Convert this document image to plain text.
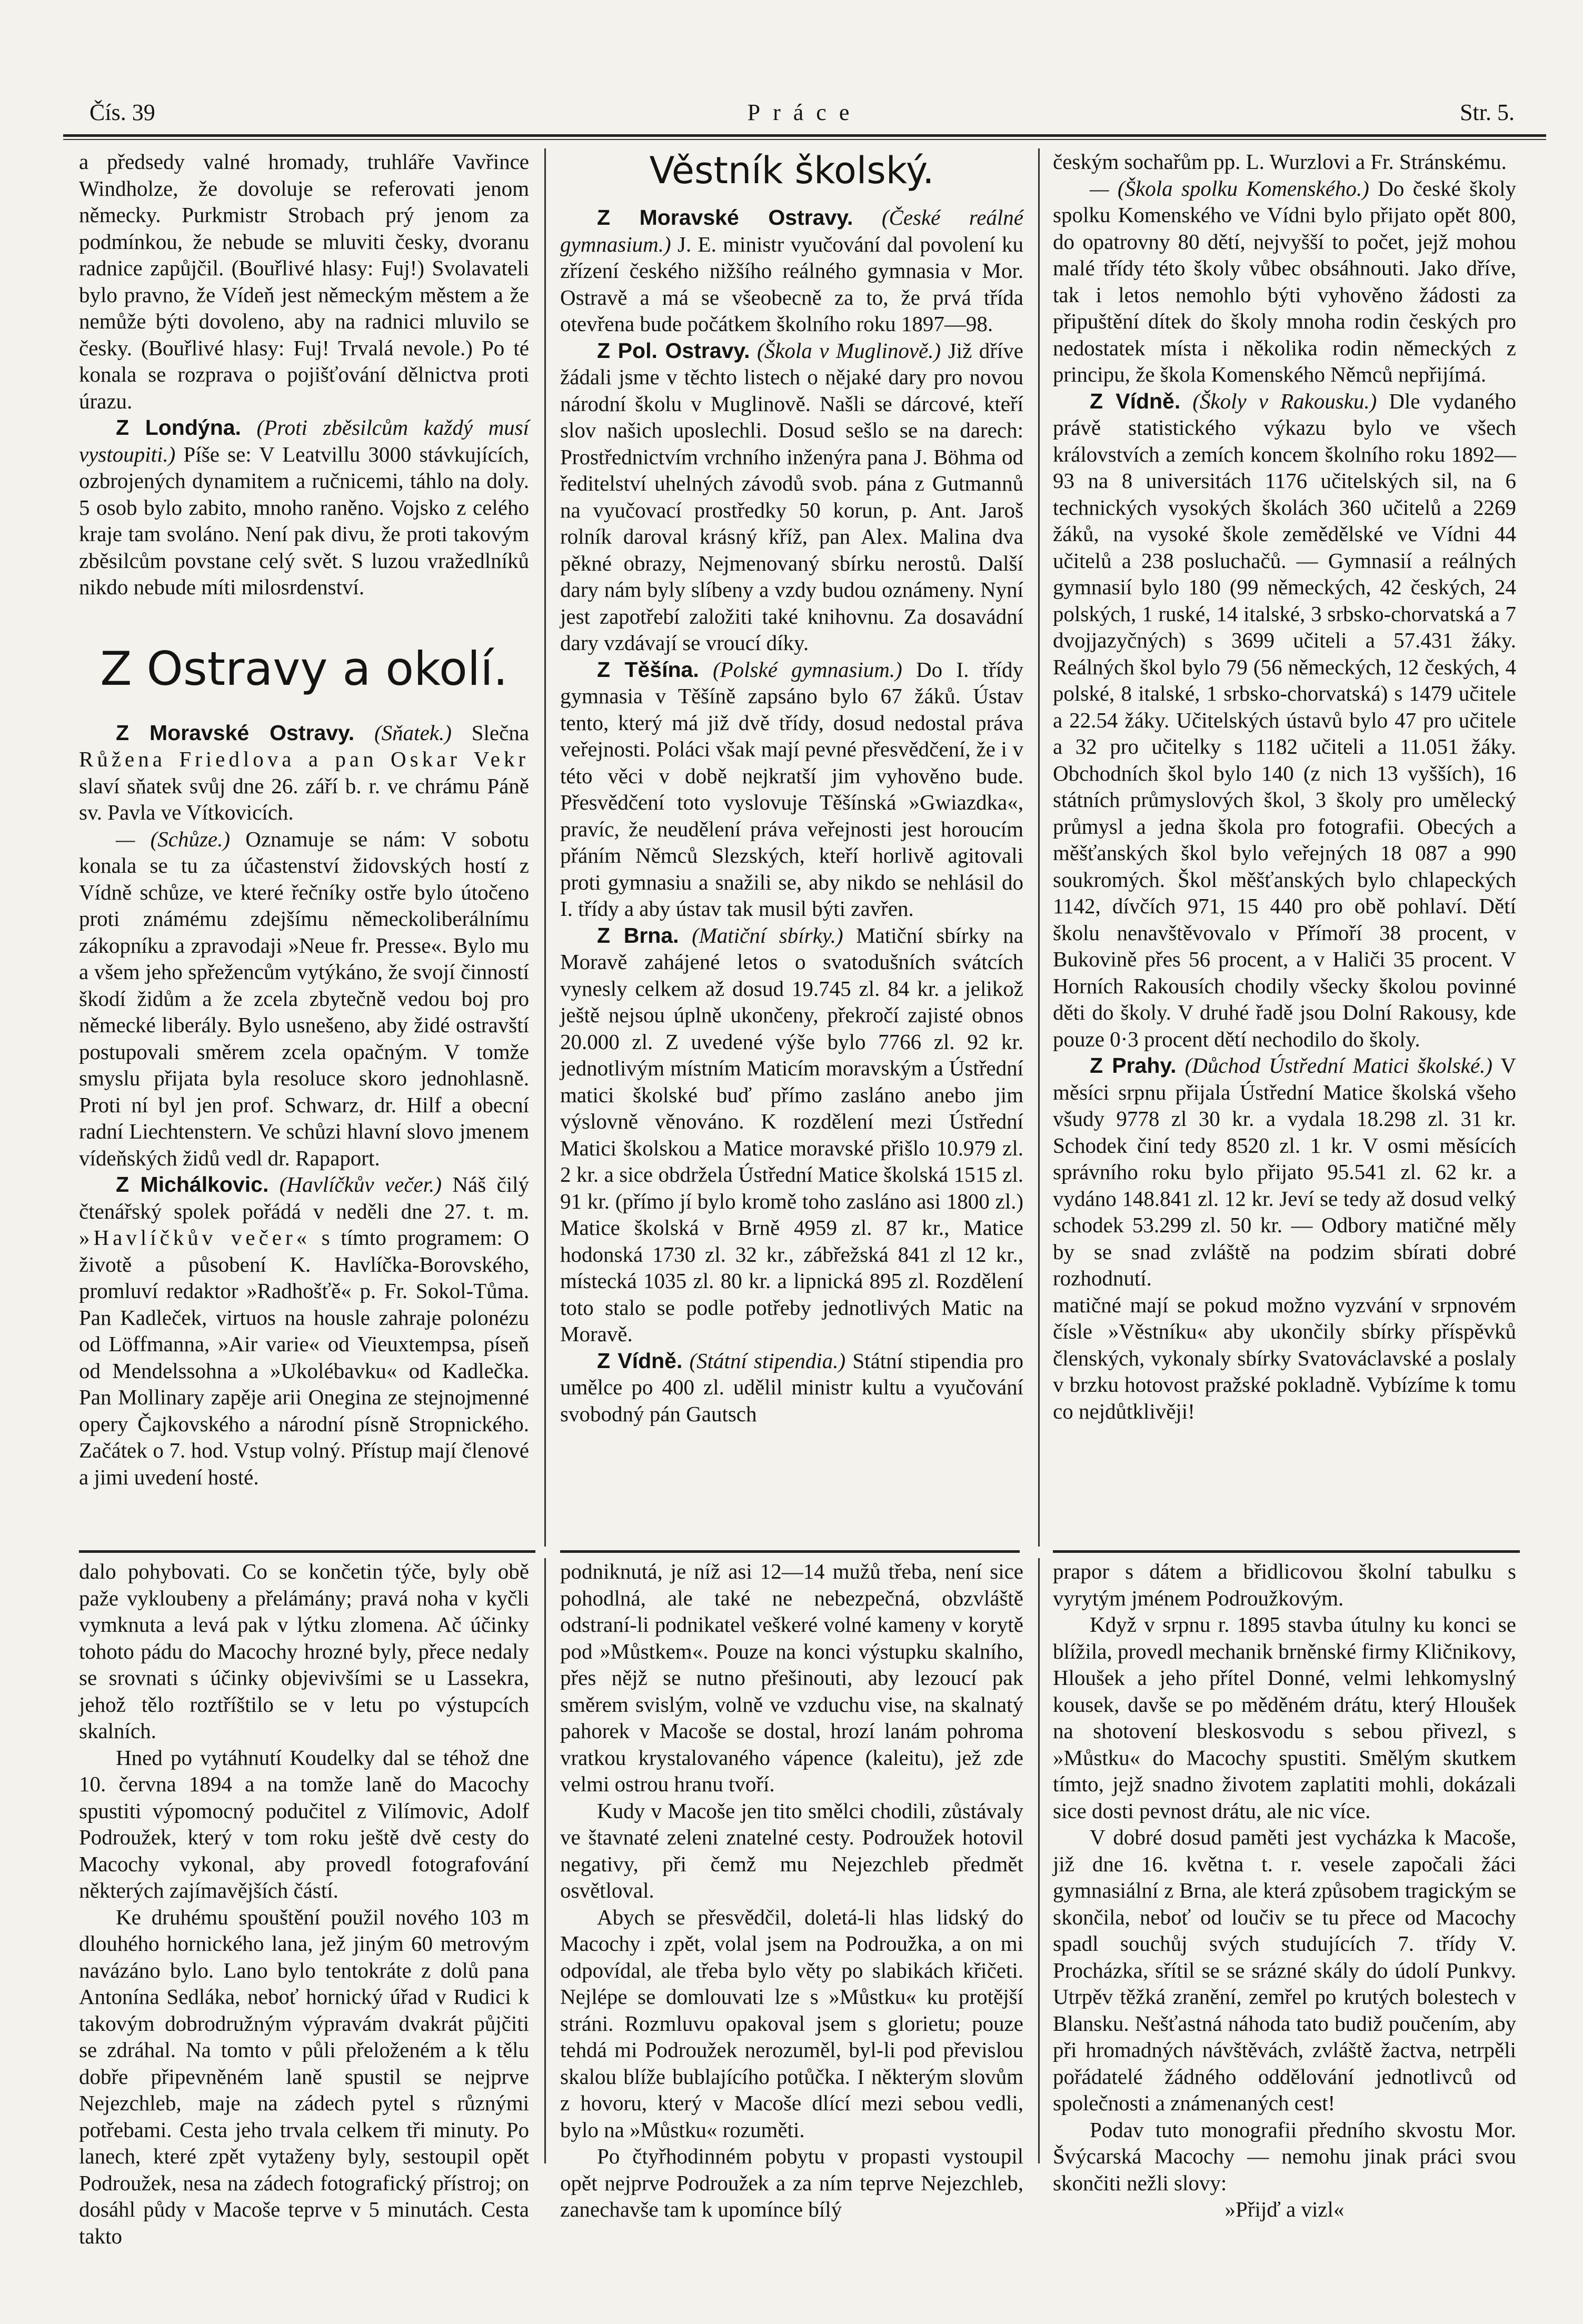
Čís. 39	Práce	Str. 5.

a předsedy valné hromady, truhláře Vavřince Windholze, že dovoluje se referovati jenom německy. Purkmistr Strobach prý jenom za podmínkou, že nebude se mluviti česky, dvoranu radnice zapůjčil. (Bouřlivé hlasy: Fuj!) Svolavateli bylo pravno, že Vídeň jest německým městem a že nemůže býti dovoleno, aby na radnici mluvilo se česky. (Bouřlivé hlasy: Fuj! Trvalá nevole.) Po té konala se rozprava o pojišťování dělnictva proti úrazu.

Z Londýna. (Proti zběsilcům každý musí vystoupiti.) Píše se: V Leatvillu 3000 stávkujících, ozbrojených dynamitem a ručnicemi, táhlo na doly. 5 osob bylo zabito, mnoho raněno. Vojsko z celého kraje tam svoláno. Není pak divu, že proti takovým zběsilcům povstane celý svět. S luzou vražedlníků nikdo nebude míti milosrdenství.

Z Ostravy a okolí.

Z Moravské Ostravy. (Sňatek.) Slečna Růžena Friedlova a pan Oskar Vekr slaví sňatek svůj dne 26. září b. r. ve chrámu Páně sv. Pavla ve Vítkovicích.

— (Schůze.) Oznamuje se nám: V sobotu konala se tu za účastenství židovských hostí z Vídně schůze, ve které řečníky ostře bylo útočeno proti známému zdejšímu německoliberálnímu zákopníku a zpravodaji »Neue fr. Presse«. Bylo mu a všem jeho spřežencům vytýkáno, že svojí činností škodí židům a že zcela zbytečně vedou boj pro německé liberály. Bylo usnešeno, aby židé ostravští postupovali směrem zcela opačným. V tomže smyslu přijata byla resoluce skoro jednohlasně. Proti ní byl jen prof. Schwarz, dr. Hilf a obecní radní Liechtenstern. Ve schůzi hlavní slovo jmenem vídeňských židů vedl dr. Rapaport.

Z Michálkovic. (Havlíčkův večer.) Náš čilý čtenářský spolek pořádá v neděli dne 27. t. m. »Havlíčkův večer« s tímto programem: O životě a působení K. Havlíčka-Borovského, promluví redaktor »Radhošťě« p. Fr. Sokol-Tůma. Pan Kadleček, virtuos na housle zahraje polonézu od Löffmanna, »Air varie« od Vieuxtempsa, píseň od Mendelssohna a »Ukolébavku« od Kadlečka. Pan Mollinary zapěje arii Onegina ze stejnojmenné opery Čajkovského a národní písně Stropnického. Začátek o 7. hod. Vstup volný. Přístup mají členové a jimi uvedení hosté.

Věstník školský.

Z Moravské Ostravy. (České reálné gymnasium.) J. E. ministr vyučování dal povolení ku zřízení českého nižšího reálného gymnasia v Mor. Ostravě a má se všeobecně za to, že prvá třída otevřena bude počátkem školního roku 1897—98.

Z Pol. Ostravy. (Škola v Muglinově.) Již dříve žádali jsme v těchto listech o nějaké dary pro novou národní školu v Muglinově. Našli se dárcové, kteří slov našich uposlechli. Dosud sešlo se na darech: Prostřednictvím vrchního inženýra pana J. Böhma od ředitelství uhelných závodů svob. pána z Gutmannů na vyučovací prostředky 50 korun, p. Ant. Jaroš rolník daroval krásný kříž, pan Alex. Malina dva pěkné obrazy, Nejmenovaný sbírku nerostů. Další dary nám byly slíbeny a vzdy budou oznámeny. Nyní jest zapotřebí založiti také knihovnu. Za dosavádní dary vzdávají se vroucí díky.

Z Těšína. (Polské gymnasium.) Do I. třídy gymnasia v Těšíně zapsáno bylo 67 žáků. Ústav tento, který má již dvě třídy, dosud nedostal práva veřejnosti. Poláci však mají pevné přesvědčení, že i v této věci v době nejkratší jim vyhověno bude. Přesvědčení toto vyslovuje Těšínská »Gwiazdka«, pravíc, že neudělení práva veřejnosti jest horoucím přáním Němců Slezských, kteří horlivě agitovali proti gymnasiu a snažili se, aby nikdo se nehlásil do I. třídy a aby ústav tak musil býti zavřen.

Z Brna. (Matiční sbírky.) Matiční sbírky na Moravě zahájené letos o svatodušních svátcích vynesly celkem až dosud 19.745 zl. 84 kr. a jelikož ještě nejsou úplně ukončeny, překročí zajisté obnos 20.000 zl. Z uvedené výše bylo 7766 zl. 92 kr. jednotlivým místním Maticím moravským a Ústřední matici školské buď přímo zasláno anebo jim výslovně věnováno. K rozdělení mezi Ústřední Matici školskou a Matice moravské přišlo 10.979 zl. 2 kr. a sice obdržela Ústřední Matice školská 1515 zl. 91 kr. (přímo jí bylo kromě toho zasláno asi 1800 zl.) Matice školská v Brně 4959 zl. 87 kr., Matice hodonská 1730 zl. 32 kr., zábřežská 841 zl 12 kr., místecká 1035 zl. 80 kr. a lipnická 895 zl. Rozdělení toto stalo se podle potřeby jednotlivých Matic na Moravě.

Z Vídně. (Státní stipendia.) Státní stipendia pro umělce po 400 zl. udělil ministr kultu a vyučování svobodný pán Gautsch

českým sochařům pp. L. Wurzlovi a Fr. Stránskému.

— (Škola spolku Komenského.) Do české školy spolku Komenského ve Vídni bylo přijato opět 800, do opatrovny 80 dětí, nejvyšší to počet, jejž mohou malé třídy této školy vůbec obsáhnouti. Jako dříve, tak i letos nemohlo býti vyhověno žádosti za připuštění dítek do školy mnoha rodin českých pro nedostatek místa i několika rodin německých z principu, že škola Komenského Němců nepřijímá.

Z Vídně. (Školy v Rakousku.) Dle vydaného právě statistického výkazu bylo ve všech královstvích a zemích koncem školního roku 1892—93 na 8 universitách 1176 učitelských sil, na 6 technických vysokých školách 360 učitelů a 2269 žáků, na vysoké škole zemědělské ve Vídni 44 učitelů a 238 posluchačů. — Gymnasií a reálných gymnasií bylo 180 (99 německých, 42 českých, 24 polských, 1 ruské, 14 italské, 3 srbsko-chorvatská a 7 dvojjazyčných) s 3699 učiteli a 57.431 žáky. Reálných škol bylo 79 (56 německých, 12 českých, 4 polské, 8 italské, 1 srbsko-chorvatská) s 1479 učitele a 22.54 žáky. Učitelských ústavů bylo 47 pro učitele a 32 pro učitelky s 1182 učiteli a 11.051 žáky. Obchodních škol bylo 140 (z nich 13 vyšších), 16 státních průmyslových škol, 3 školy pro umělecký průmysl a jedna škola pro fotografii. Obecých a měšťanských škol bylo veřejných 18 087 a 990 soukromých. Škol měšťanských bylo chlapeckých 1142, dívčích 971, 15 440 pro obě pohlaví. Dětí školu nenavštěvovalo v Přímoří 38 procent, v Bukovině přes 56 procent, a v Haliči 35 procent. V Horních Rakousích chodily všecky školou povinné děti do školy. V druhé řadě jsou Dolní Rakousy, kde pouze 0·3 procent dětí nechodilo do školy.

Z Prahy. (Důchod Ústřední Matici školské.) V měsíci srpnu přijala Ústřední Matice školská všeho všudy 9778 zl 30 kr. a vydala 18.298 zl. 31 kr. Schodek činí tedy 8520 zl. 1 kr. V osmi měsících správního roku bylo přijato 95.541 zl. 62 kr. a vydáno 148.841 zl. 12 kr. Jeví se tedy až dosud velký schodek 53.299 zl. 50 kr. — Odbory matičné měly by se snad zvláště na podzim sbírati dobré rozhodnutí.

matičné mají se pokud možno vyzvání v srpnovém čísle »Věstníku« aby ukončily sbírky příspěvků členských, vykonaly sbírky Svatováclavské a poslaly v brzku hotovost pražské pokladně. Vybízíme k tomu co nejdůtklivěji!

dalo pohybovati. Co se končetin týče, byly obě paže vykloubeny a přelámány; pravá noha v kyčli vymknuta a levá pak v lýtku zlomena. Ač účinky tohoto pádu do Macochy hrozné byly, přece nedaly se srovnati s účinky objevivšími se u Lassekra, jehož tělo roztříštilo se v letu po výstupcích skalních.

Hned po vytáhnutí Koudelky dal se téhož dne 10. června 1894 a na tomže laně do Macochy spustiti výpomocný podučitel z Vilímovic, Adolf Podroužek, který v tom roku ještě dvě cesty do Macochy vykonal, aby provedl fotografování některých zajímavějších částí.

Ke druhému spouštění použil nového 103 m dlouhého hornického lana, jež jiným 60 metrovým navázáno bylo. Lano bylo tentokráte z dolů pana Antonína Sedláka, neboť hornický úřad v Rudici k takovým dobrodružným výpravám dvakrát půjčiti se zdráhal. Na tomto v půli přeloženém a k tělu dobře připevněném laně spustil se nejprve Nejezchleb, maje na zádech pytel s různými potřebami. Cesta jeho trvala celkem tři minuty. Po lanech, které zpět vytaženy byly, sestoupil opět Podroužek, nesa na zádech fotografický přístroj; on dosáhl půdy v Macoše teprve v 5 minutách. Cesta takto

podniknutá, je níž asi 12—14 mužů třeba, není sice pohodlná, ale také ne nebezpečná, obzvláště odstraní-li podnikatel veškeré volné kameny v korytě pod »Můstkem«. Pouze na konci výstupku skalního, přes nějž se nutno přešinouti, aby lezoucí pak směrem svislým, volně ve vzduchu vise, na skalnatý pahorek v Macoše se dostal, hrozí lanám pohroma vratkou krystalovaného vápence (kaleitu), jež zde velmi ostrou hranu tvoří.

Kudy v Macoše jen tito smělci chodili, zůstávaly ve štavnaté zeleni znatelné cesty. Podroužek hotovil negativy, při čemž mu Nejezchleb předmět osvětloval.

Abych se přesvědčil, doletá-li hlas lidský do Macochy i zpět, volal jsem na Podroužka, a on mi odpovídal, ale třeba bylo věty po slabikách křičeti. Nejlépe se domlouvati lze s »Můstku« ku protější stráni. Rozmluvu opakoval jsem s glorietu; pouze tehdá mi Podroužek nerozuměl, byl-li pod převislou skalou blíže bublajícího potůčka. I některým slovům z hovoru, který v Macoše dlící mezi sebou vedli, bylo na »Můstku« rozuměti.

Po čtyřhodinném pobytu v propasti vystoupil opět nejprve Podroužek a za ním teprve Nejezchleb, zanechavše tam k upomínce bílý

prapor s dátem a břidlicovou školní tabulku s vyrytým jménem Podroužkovým.

Když v srpnu r. 1895 stavba útulny ku konci se blížila, provedl mechanik brněnské firmy Kličnikovy, Hloušek a jeho přítel Donné, velmi lehkomyslný kousek, davše se po měděném drátu, který Hloušek na shotovení bleskosvodu s sebou přivezl, s »Můstku« do Macochy spustiti. Smělým skutkem tímto, jejž snadno životem zaplatiti mohli, dokázali sice dosti pevnost drátu, ale nic více.

V dobré dosud paměti jest vycházka k Macoše, již dne 16. května t. r. vesele započali žáci gymnasiální z Brna, ale která způsobem tragickým se skončila, neboť od loučiv se tu přece od Macochy spadl souchůj svých studujících 7. třídy V. Procházka, sřítil se se srázné skály do údolí Punkvy. Utrpěv těžká zranění, zemřel po krutých bolestech v Blansku. Nešťastná náhoda tato budiž poučením, aby při hromadných návštěvách, zvláště žactva, netrpěli pořádatelé žádného oddělování jednotlivců od společnosti a známenaných cest!

Podav tuto monografii předního skvostu Mor. Švýcarská Macochy — nemohu jinak práci svou skončiti nežli slovy:

»Přijď a vizl«
